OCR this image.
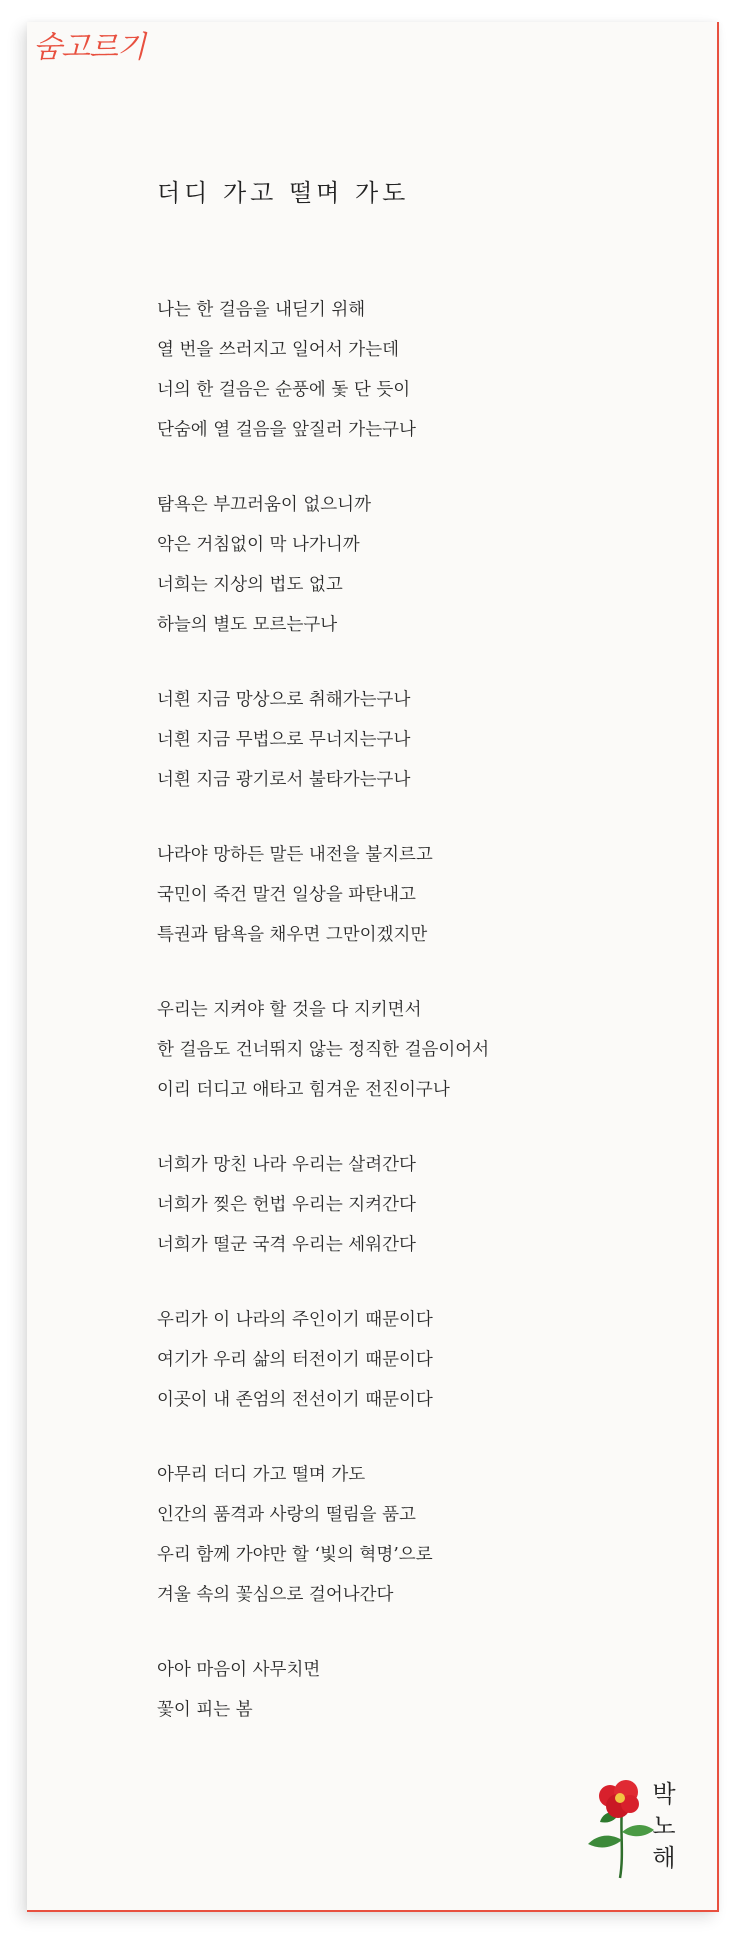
숨고르기
더디 가고 떨며 가도
나는 한 걸음을 내딛기 위해
열 번을 쓰러지고 일어서 가는데
너의 한 걸음은 순풍에 돛 단 듯이
단숨에 열 걸음을 앞질러 가는구나
탐욕은 부끄러움이 없으니까
악은 거침없이 막 나가니까
너희는 지상의 법도 없고
하늘의 별도 모르는구나
너흰 지금 망상으로 취해가는구나
너흰 지금 무법으로 무너지는구나
너흰 지금 광기로서 불타가는구나
나라야 망하든 말든 내전을 불지르고
국민이 죽건 말건 일상을 파탄내고
특권과 탐욕을 채우면 그만이겠지만
우리는 지켜야 할 것을 다 지키면서
한 걸음도 건너뛰지 않는 정직한 걸음이어서
이리 더디고 애타고 힘겨운 전진이구나
너희가 망친 나라 우리는 살려간다
너희가 찢은 헌법 우리는 지켜간다
너희가 떨군 국격 우리는 세워간다
우리가 이 나라의 주인이기 때문이다
여기가 우리 삶의 터전이기 때문이다
이곳이 내 존엄의 전선이기 때문이다
아무리 더디 가고 떨며 가도
인간의 품격과 사랑의 떨림을 품고
우리 함께 가야만 할 ‘빛의 혁명’으로
겨울 속의 꽃심으로 걸어나간다
아아 마음이 사무치면
꽃이 피는 봄
박
노
해
